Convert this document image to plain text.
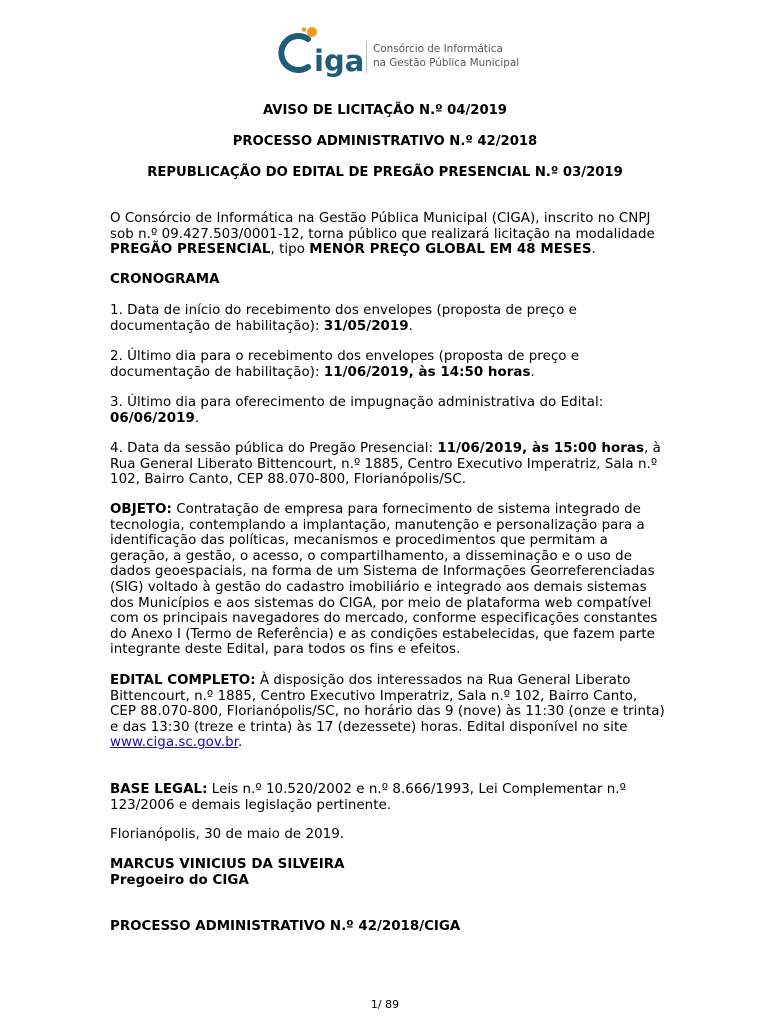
iga Consórcio de Informática
na Gestão Pública Municipal
AVISO DE LICITAÇÃO N.º 04/2019
PROCESSO ADMINISTRATIVO N.º 42/2018
REPUBLICAÇÃO DO EDITAL DE PREGÃO PRESENCIAL N.º 03/2019
O Consórcio de Informática na Gestão Pública Municipal (CIGA), inscrito no CNPJ
sob n.º 09.427.503/0001-12, torna público que realizará licitação na modalidade
PREGÃO PRESENCIAL, tipo MENOR PREÇO GLOBAL EM 48 MESES.
CRONOGRAMA
1. Data de início do recebimento dos envelopes (proposta de preço e
documentação de habilitação): 31/05/2019.
2. Último dia para o recebimento dos envelopes (proposta de preço e
documentação de habilitação): 11/06/2019, às 14:50 horas.
3. Último dia para oferecimento de impugnação administrativa do Edital:
06/06/2019.
4. Data da sessão pública do Pregão Presencial: 11/06/2019, às 15:00 horas, à
Rua General Liberato Bittencourt, n.º 1885, Centro Executivo Imperatriz, Sala n.º
102, Bairro Canto, CEP 88.070-800, Florianópolis/SC.
OBJETO: Contratação de empresa para fornecimento de sistema integrado de
tecnologia, contemplando a implantação, manutenção e personalização para a
identificação das políticas, mecanismos e procedimentos que permitam a
geração, a gestão, o acesso, o compartilhamento, a disseminação e o uso de
dados geoespaciais, na forma de um Sistema de Informações Georreferenciadas
(SIG) voltado à gestão do cadastro imobiliário e integrado aos demais sistemas
dos Municípios e aos sistemas do CIGA, por meio de plataforma web compatível
com os principais navegadores do mercado, conforme especificações constantes
do Anexo I (Termo de Referência) e as condições estabelecidas, que fazem parte
integrante deste Edital, para todos os fins e efeitos.
EDITAL COMPLETO: À disposição dos interessados na Rua General Liberato
Bittencourt, n.º 1885, Centro Executivo Imperatriz, Sala n.º 102, Bairro Canto,
CEP 88.070-800, Florianópolis/SC, no horário das 9 (nove) às 11:30 (onze e trinta)
e das 13:30 (treze e trinta) às 17 (dezessete) horas. Edital disponível no site
www.ciga.sc.gov.br.
BASE LEGAL: Leis n.º 10.520/2002 e n.º 8.666/1993, Lei Complementar n.º
123/2006 e demais legislação pertinente.
Florianópolis, 30 de maio de 2019.
MARCUS VINICIUS DA SILVEIRA
Pregoeiro do CIGA
PROCESSO ADMINISTRATIVO N.º 42/2018/CIGA
1/ 89
